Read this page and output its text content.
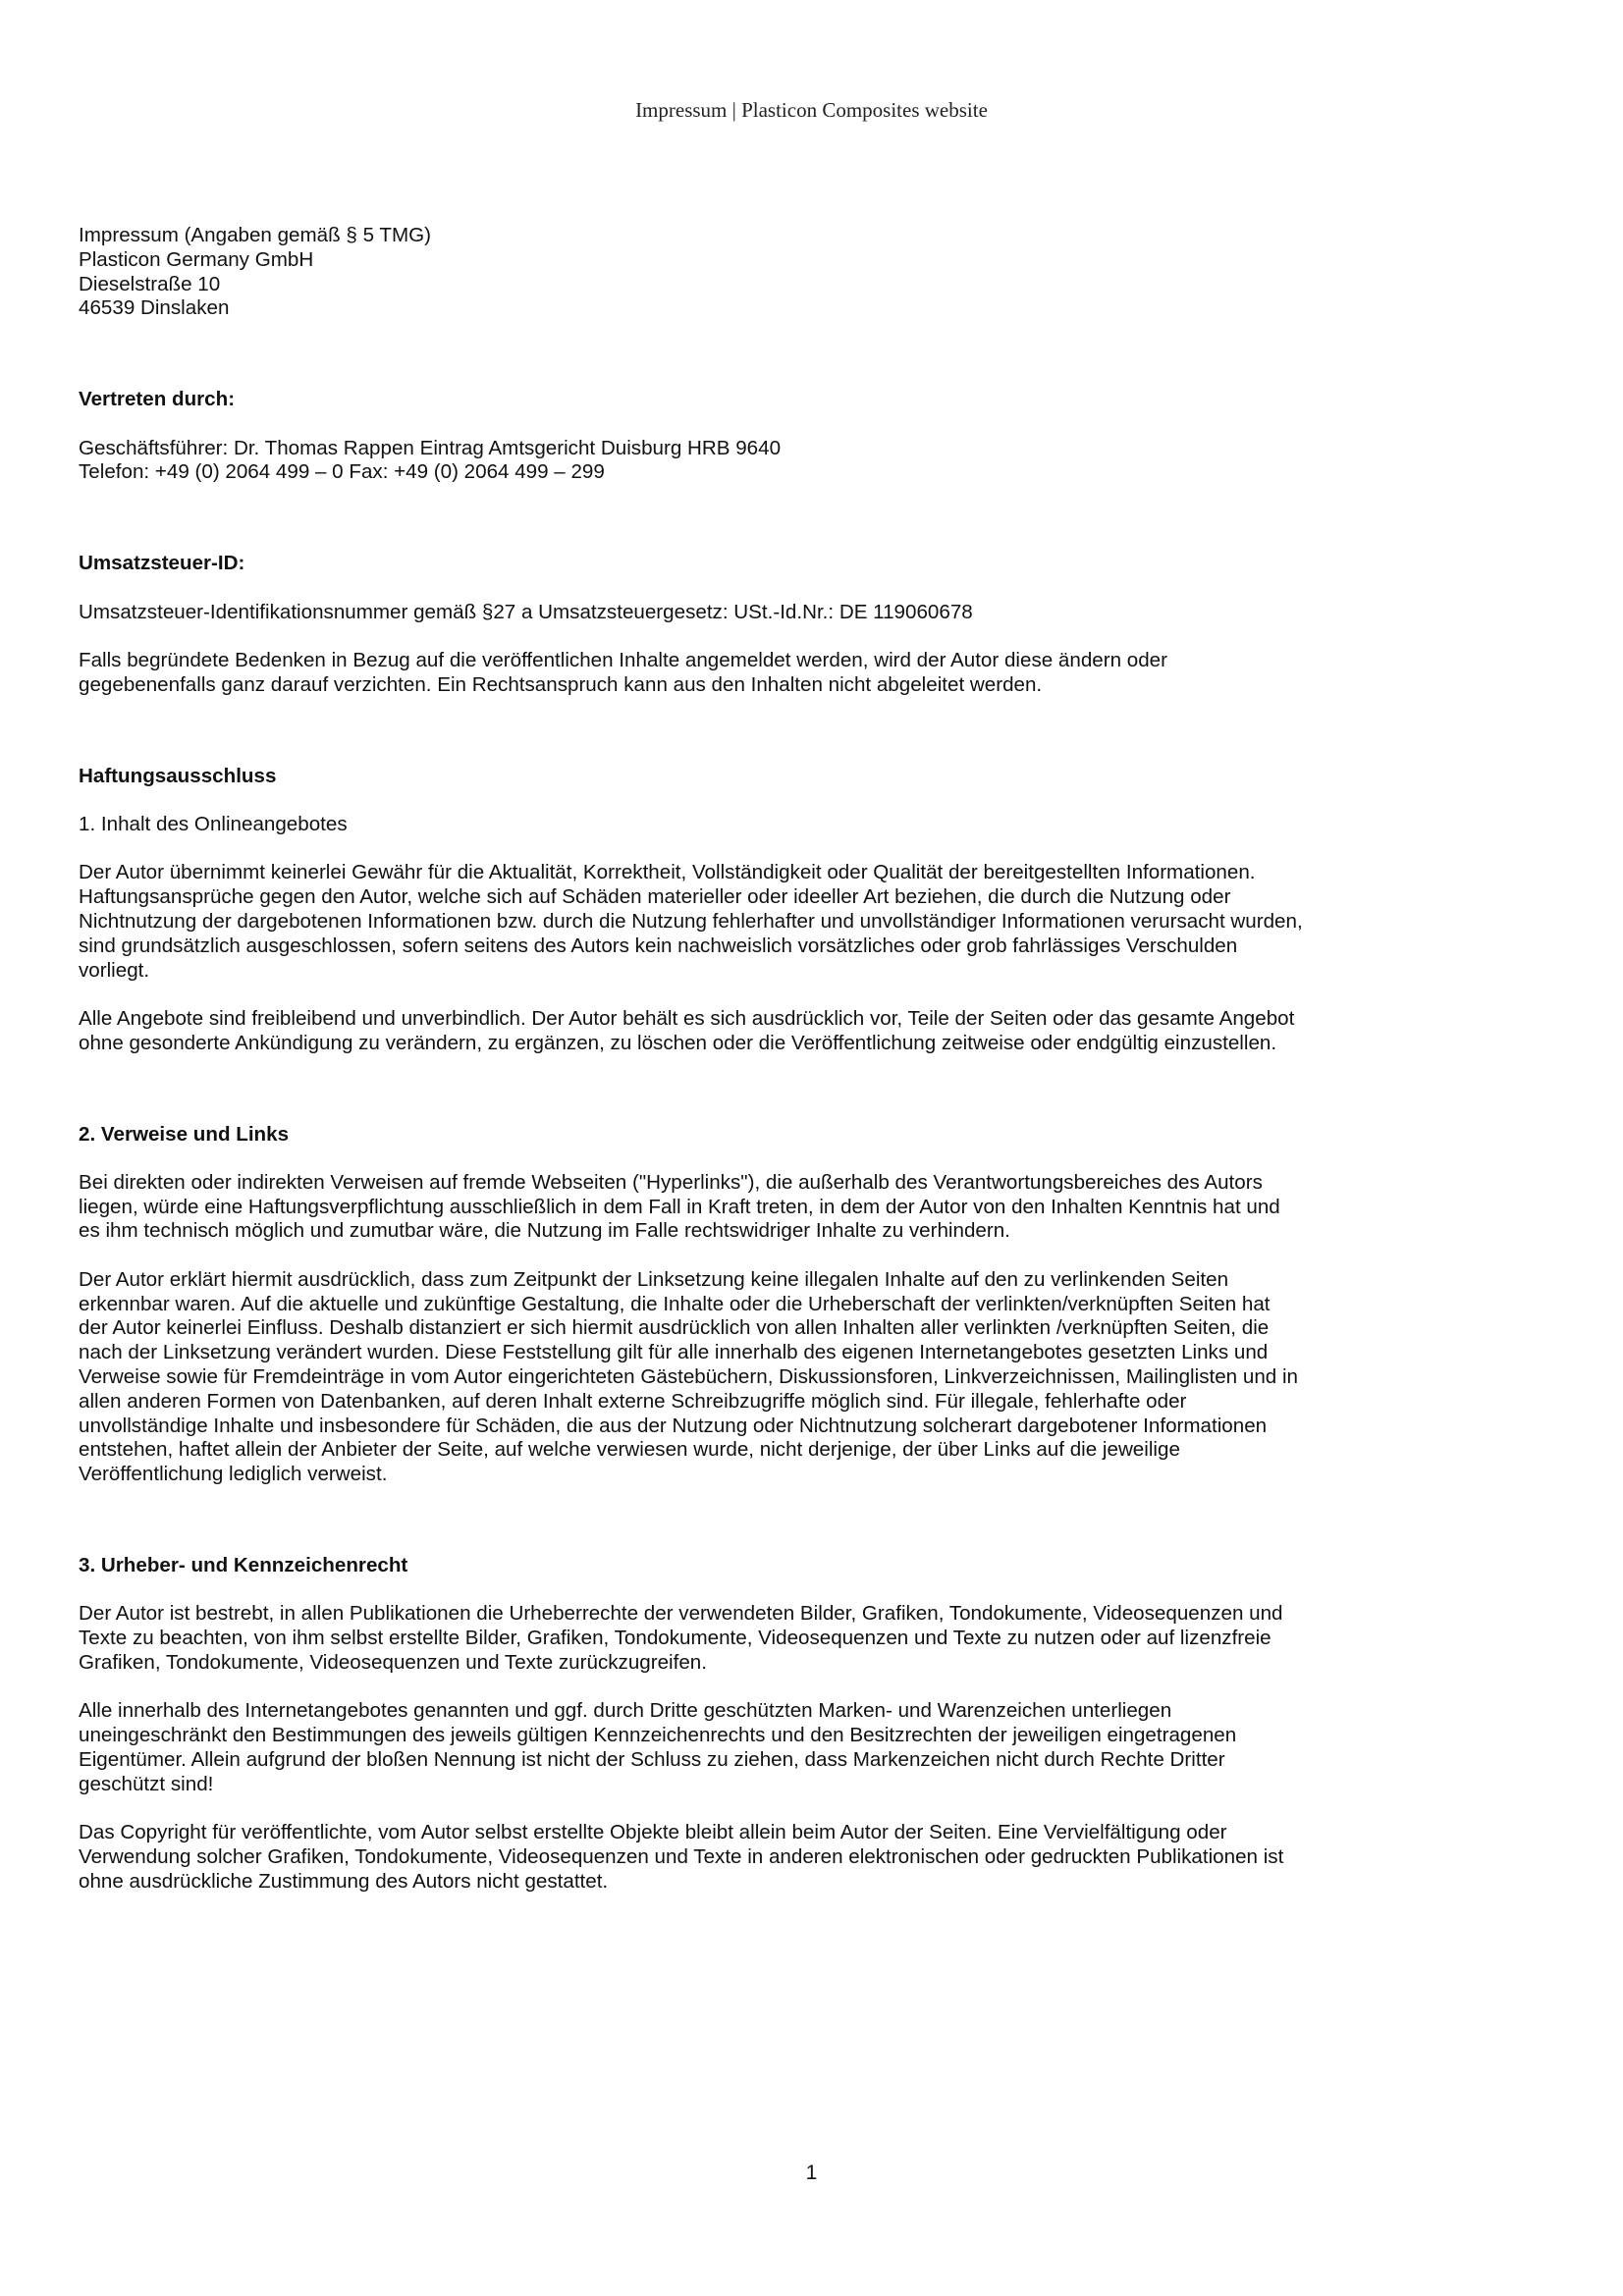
Impressum | Plasticon Composites website
Impressum (Angaben gemäß § 5 TMG)
Plasticon Germany GmbH
Dieselstraße 10
46539 Dinslaken
Vertreten durch:
Geschäftsführer: Dr. Thomas Rappen Eintrag Amtsgericht Duisburg HRB 9640
Telefon: +49 (0) 2064 499 – 0 Fax: +49 (0) 2064 499 – 299
Umsatzsteuer-ID:
Umsatzsteuer-Identifikationsnummer gemäß §27 a Umsatzsteuergesetz: USt.-Id.Nr.: DE 119060678
Falls begründete Bedenken in Bezug auf die veröffentlichen Inhalte angemeldet werden, wird der Autor diese ändern oder
gegebenenfalls ganz darauf verzichten. Ein Rechtsanspruch kann aus den Inhalten nicht abgeleitet werden.
Haftungsausschluss
1. Inhalt des Onlineangebotes
Der Autor übernimmt keinerlei Gewähr für die Aktualität, Korrektheit, Vollständigkeit oder Qualität der bereitgestellten Informationen.
Haftungsansprüche gegen den Autor, welche sich auf Schäden materieller oder ideeller Art beziehen, die durch die Nutzung oder
Nichtnutzung der dargebotenen Informationen bzw. durch die Nutzung fehlerhafter und unvollständiger Informationen verursacht wurden,
sind grundsätzlich ausgeschlossen, sofern seitens des Autors kein nachweislich vorsätzliches oder grob fahrlässiges Verschulden
vorliegt.
Alle Angebote sind freibleibend und unverbindlich. Der Autor behält es sich ausdrücklich vor, Teile der Seiten oder das gesamte Angebot
ohne gesonderte Ankündigung zu verändern, zu ergänzen, zu löschen oder die Veröffentlichung zeitweise oder endgültig einzustellen.
2. Verweise und Links
Bei direkten oder indirekten Verweisen auf fremde Webseiten ("Hyperlinks"), die außerhalb des Verantwortungsbereiches des Autors
liegen, würde eine Haftungsverpflichtung ausschließlich in dem Fall in Kraft treten, in dem der Autor von den Inhalten Kenntnis hat und
es ihm technisch möglich und zumutbar wäre, die Nutzung im Falle rechtswidriger Inhalte zu verhindern.
Der Autor erklärt hiermit ausdrücklich, dass zum Zeitpunkt der Linksetzung keine illegalen Inhalte auf den zu verlinkenden Seiten
erkennbar waren. Auf die aktuelle und zukünftige Gestaltung, die Inhalte oder die Urheberschaft der verlinkten/verknüpften Seiten hat
der Autor keinerlei Einfluss. Deshalb distanziert er sich hiermit ausdrücklich von allen Inhalten aller verlinkten /verknüpften Seiten, die
nach der Linksetzung verändert wurden. Diese Feststellung gilt für alle innerhalb des eigenen Internetangebotes gesetzten Links und
Verweise sowie für Fremdeinträge in vom Autor eingerichteten Gästebüchern, Diskussionsforen, Linkverzeichnissen, Mailinglisten und in
allen anderen Formen von Datenbanken, auf deren Inhalt externe Schreibzugriffe möglich sind. Für illegale, fehlerhafte oder
unvollständige Inhalte und insbesondere für Schäden, die aus der Nutzung oder Nichtnutzung solcherart dargebotener Informationen
entstehen, haftet allein der Anbieter der Seite, auf welche verwiesen wurde, nicht derjenige, der über Links auf die jeweilige
Veröffentlichung lediglich verweist.
3. Urheber- und Kennzeichenrecht
Der Autor ist bestrebt, in allen Publikationen die Urheberrechte der verwendeten Bilder, Grafiken, Tondokumente, Videosequenzen und
Texte zu beachten, von ihm selbst erstellte Bilder, Grafiken, Tondokumente, Videosequenzen und Texte zu nutzen oder auf lizenzfreie
Grafiken, Tondokumente, Videosequenzen und Texte zurückzugreifen.
Alle innerhalb des Internetangebotes genannten und ggf. durch Dritte geschützten Marken- und Warenzeichen unterliegen
uneingeschränkt den Bestimmungen des jeweils gültigen Kennzeichenrechts und den Besitzrechten der jeweiligen eingetragenen
Eigentümer. Allein aufgrund der bloßen Nennung ist nicht der Schluss zu ziehen, dass Markenzeichen nicht durch Rechte Dritter
geschützt sind!
Das Copyright für veröffentlichte, vom Autor selbst erstellte Objekte bleibt allein beim Autor der Seiten. Eine Vervielfältigung oder
Verwendung solcher Grafiken, Tondokumente, Videosequenzen und Texte in anderen elektronischen oder gedruckten Publikationen ist
ohne ausdrückliche Zustimmung des Autors nicht gestattet.
1
